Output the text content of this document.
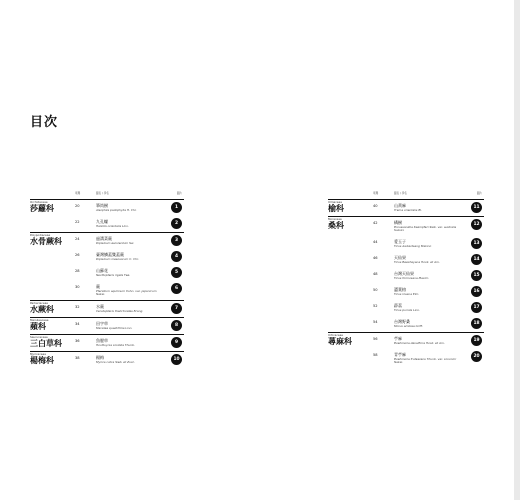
目次
頁碼	圖名 / 學名	圖片
Orchidaceae
莎蘿科	20	筆筒樹
Alsophila podophylla H. Chr.	1
22	九孔螺
Haliotis orientalis Linn.	2
Polypodiaceae
水骨蕨科	24	過溝菜蕨
Diplazium esculentum Sw.	3
26	臺灣鱗蓋雙蓋蕨
Diplazium mesosorum C. Chr.	4
28	山蘇花
Neottopteris rigida Fee.	5
30	蕨
Pteridium aquilinum Kuhn. var. japonicum Nakai.
6
Parkeriaceae
水蕨科	32	水蕨
Ceratopteris thalictroides Brong.	7
Marsileaceae
蘋科	34	田字草
Marsilea quadrifolia Linn.	8
Saururaceae
三白草科	36	魚腥草
Houttuynia cordata Thunb.	9
Myricaceae
楊梅科	38	楊梅
Myrica rubra Sieb. et Zucc.	10
頁碼	圖名 / 學名	圖片
Ulmaceae
榆科	40	山黃麻
Trema orientalis Bl.	11
Moraceae
桑科	42	構樹
Broussonetia Kaempferi Sieb. var. australis Suzuki.
12
44	愛玉子
Ficus Awkeotsang Makino	13
46	天仙果
Ficus Beecheyana Hook. et Arn.	14
48	台灣天仙果
Ficus formosana Maxim.	15
50	澀葉榕
Ficus irisana Elm.	16
52	薜荔
Ficus pumila Linn.	17
54	台灣野桑
Morus acidosa Griff.	18
Urticaceae
蕁麻科	56	苧麻
Boehmeria densiflora Hook. et Arn.	19
58	青苧麻
Boehmeria frutescens Thunb. var. concolor Nakai.
20
